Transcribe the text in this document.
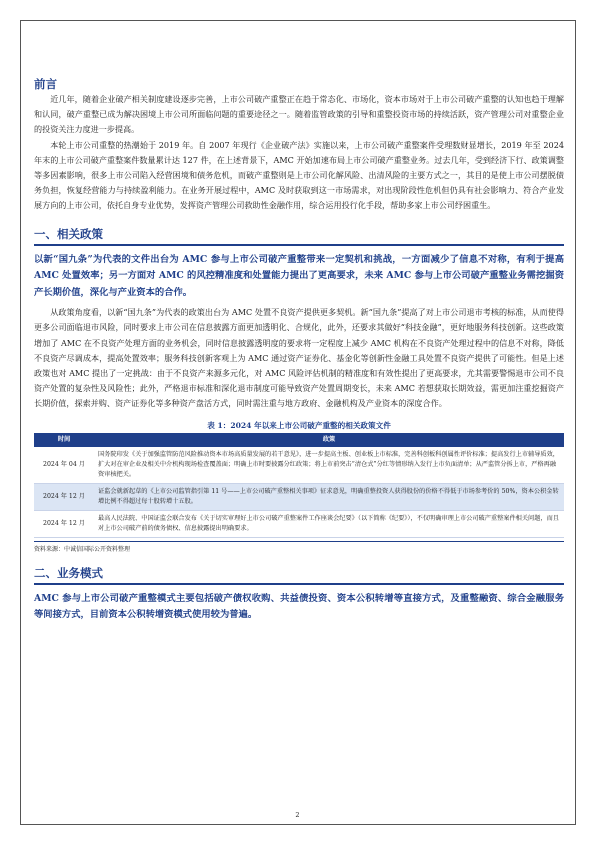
前言

近几年，随着企业破产相关制度建设逐步完善，上市公司破产重整正在趋于常态化、市场化，资本市场对于上市公司破产重整的认知也趋于理解和认同，破产重整已成为解决困境上市公司所面临问题的重要途径之一。随着监管政策的引导和重整投资市场的持续活跃，资产管理公司对重整企业的投资关注力度进一步提高。

本轮上市公司重整的热潮始于 2019 年。自 2007 年现行《企业破产法》实施以来，上市公司破产重整案件受理数财显增长，2019 年至 2024 年末的上市公司破产重整案件数量累计达 127 件，在上述背景下，AMC 开始加速布局上市公司破产重整业务。过去几年，受到经济下行、政策调整等多因素影响，很多上市公司陷入经营困境和债务危机，而破产重整则是上市公司化解风险、出清风险的主要方式之一，其目的是使上市公司摆脱债务负担，恢复经营能力与持续盈利能力。在业务开展过程中，AMC 及时获取到这一市场需求，对出现阶段性危机但仍具有社会影响力、符合产业发展方向的上市公司，依托自身专业优势，发挥资产管理公司救助性金融作用，综合运用投行化手段，帮助多家上市公司纾困重生。

一、相关政策

以新“国九条”为代表的文件出台为 AMC 参与上市公司破产重整带来一定契机和挑战，一方面减少了信息不对称，有利于提高 AMC 处置效率；另一方面对 AMC 的风控精准度和处置能力提出了更高要求，未来 AMC 参与上市公司破产重整业务需挖掘资产长期价值，深化与产业资本的合作。

从政策角度看，以新“国九条”为代表的政策出台为 AMC 处置不良资产提供更多契机。新“国九条”提高了对上市公司退市考核的标准，从而使得更多公司面临退市风险，同时要求上市公司在信息披露方面更加透明化、合规化，此外，还要求其做好“科技金融”，更好地服务科技创新。这些政策增加了 AMC 在不良资产处理方面的业务机会，同时信息披露透明度的要求将一定程度上减少 AMC 机构在不良资产处理过程中的信息不对称，降低不良资产尽调成本，提高处置效率；服务科技创新客观上为 AMC 通过资产证券化、基金化等创新性金融工具处置不良资产提供了可能性。但是上述政策也对 AMC 提出了一定挑战：由于不良资产来源多元化，对 AMC 风险评估机制的精准度和有效性提出了更高要求，尤其需要警惕退市公司不良资产处置的复杂性及风险性；此外，严格退市标准和深化退市制度可能导致资产处置周期变长，未来 AMC 若想获取长期效益，需更加注重挖掘资产长期价值，探索并购、资产证券化等多种资产盘活方式，同时需注重与地方政府、金融机构及产业资本的深度合作。

表 1：2024 年以来上市公司破产重整的相关政策文件
时间	政策
2024 年 04 月	国务院印发《关于加强监管防范风险推动资本市场高质量发展的若干意见》，进一步提高主板、创业板上市标准，完善科创板科创属性评价标准；提高发行上市辅导质效，扩大对在审企业及相关中介机构现场检查覆盖面；明确上市时要披露分红政策；将上市前突击“清仓式”分红等情形纳入发行上市负面清单；从严监管分拆上市，严格再融资审核把关。
2024 年 12 月	证监会就新起草的《上市公司监管指引第 11 号——上市公司破产重整相关事项》征求意见，明确重整投资人获得股份的价格不得低于市场参考价的 50%，资本公积金转增比例不得超过每十股转增十五股。
2024 年 12 月	最高人民法院、中国证监会联合发布《关于切实审理好上市公司破产重整案件工作座谈会纪要》（以下简称《纪要》），不仅明确审理上市公司破产重整案件相关问题，而且对上市公司破产前的债务债权、信息披露提出明确要求。
资料来源：中诚信国际公开资料整理
二、业务模式

AMC 参与上市公司破产重整模式主要包括破产债权收购、共益债投资、资本公积转增等直接方式，及重整融资、综合金融服务等间接方式，目前资本公积转增资模式使用较为普遍。

2
